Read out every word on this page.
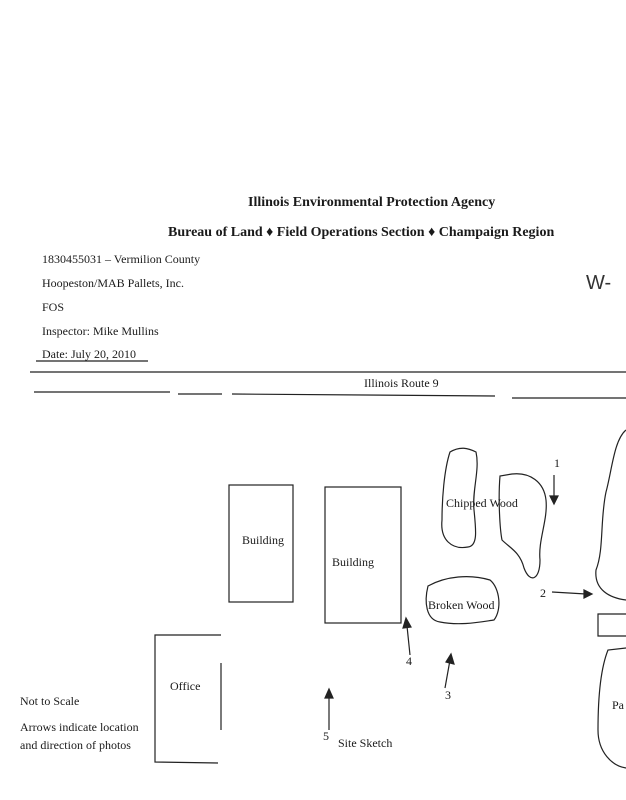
Illinois Environmental Protection Agency
Bureau of Land ♦ Field Operations Section ♦ Champaign Region
1830455031 – Vermilion County
Hoopeston/MAB Pallets, Inc.
FOS
Inspector: Mike Mullins
Date: July 20, 2010
W-
Illinois Route 9
Building
Building
Office
Chipped Wood
Broken Wood
Pa
1
2
3
4
5
Not to Scale
Arrows indicate location
and direction of photos	Site Sketch
